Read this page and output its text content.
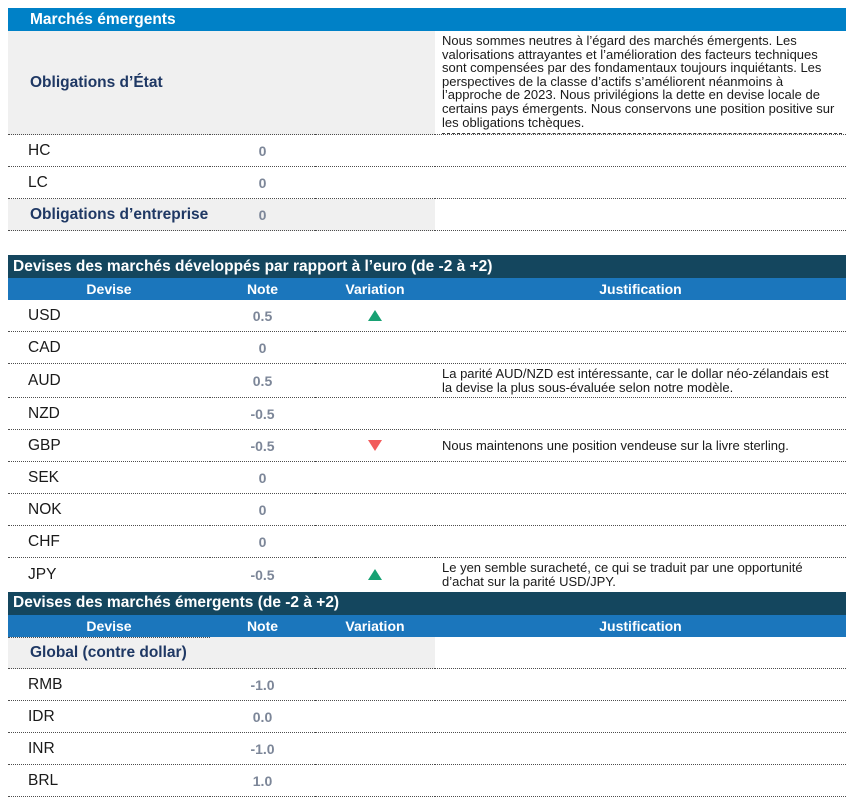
Marchés émergents
Obligations d’État			Nous sommes neutres à l’égard des marchés émergents. Les valorisations attrayantes et l’amélioration des facteurs techniques sont compensées par des fondamentaux toujours inquiétants. Les perspectives de la classe d’actifs s’améliorent néanmoins à l’approche de 2023. Nous privilégions la dette en devise locale de certains pays émergents. Nous conservons une position positive sur les obligations tchèques.

HC	0		
LC	0		
Obligations d’entreprise	0		
Devises des marchés développés par rapport à l’euro (de -2 à +2)
Devise	Note	Variation	Justification
USD	0.5		
CAD	0		
AUD	0.5		La parité AUD/NZD est intéressante, car le dollar néo-zélandais est la devise la plus sous-évaluée selon notre modèle.
NZD	-0.5		
GBP	-0.5		Nous maintenons une position vendeuse sur la livre sterling.
SEK	0		
NOK	0		
CHF	0		
JPY	-0.5		Le yen semble suracheté, ce qui se traduit par une opportunité d’achat sur la parité USD/JPY.
Devises des marchés émergents (de -2 à +2)
Devise	Note	Variation	Justification
Global (contre dollar)			
RMB	-1.0		
IDR	0.0		
INR	-1.0		
BRL	1.0		
